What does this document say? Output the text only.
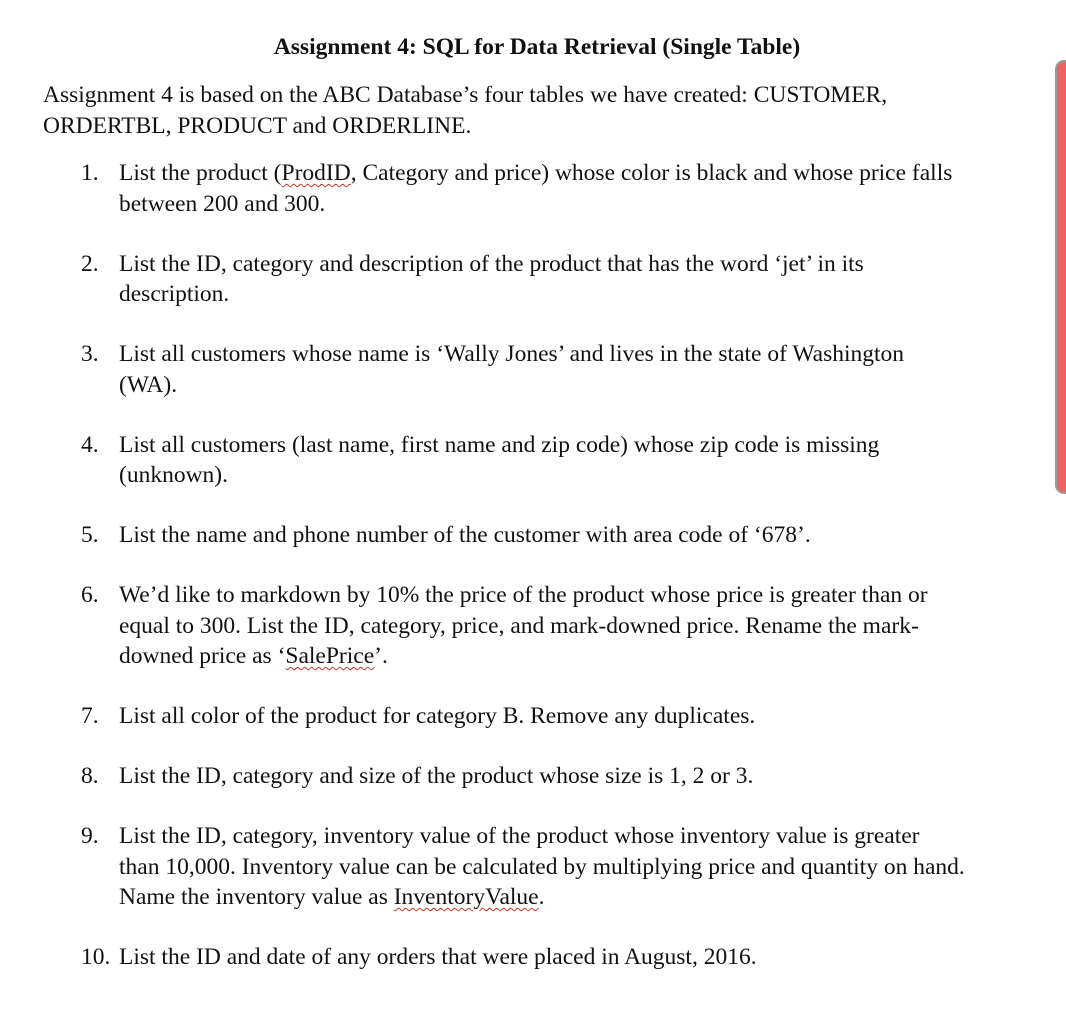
Assignment 4: SQL for Data Retrieval (Single Table)
Assignment 4 is based on the ABC Database’s four tables we have created: CUSTOMER,
ORDERTBL, PRODUCT and ORDERLINE.
1. List the product (ProdID, Category and price) whose color is black and whose price falls
between 200 and 300.
2. List the ID, category and description of the product that has the word ‘jet’ in its
description.
3. List all customers whose name is ‘Wally Jones’ and lives in the state of Washington
(WA).
4. List all customers (last name, first name and zip code) whose zip code is missing
(unknown).
5. List the name and phone number of the customer with area code of ‘678’.
6. We’d like to markdown by 10% the price of the product whose price is greater than or
equal to 300. List the ID, category, price, and mark-downed price. Rename the mark-
downed price as ‘SalePrice’.
7. List all color of the product for category B. Remove any duplicates.
8. List the ID, category and size of the product whose size is 1, 2 or 3.
9. List the ID, category, inventory value of the product whose inventory value is greater
than 10,000. Inventory value can be calculated by multiplying price and quantity on hand.
Name the inventory value as InventoryValue.
10. List the ID and date of any orders that were placed in August, 2016.
